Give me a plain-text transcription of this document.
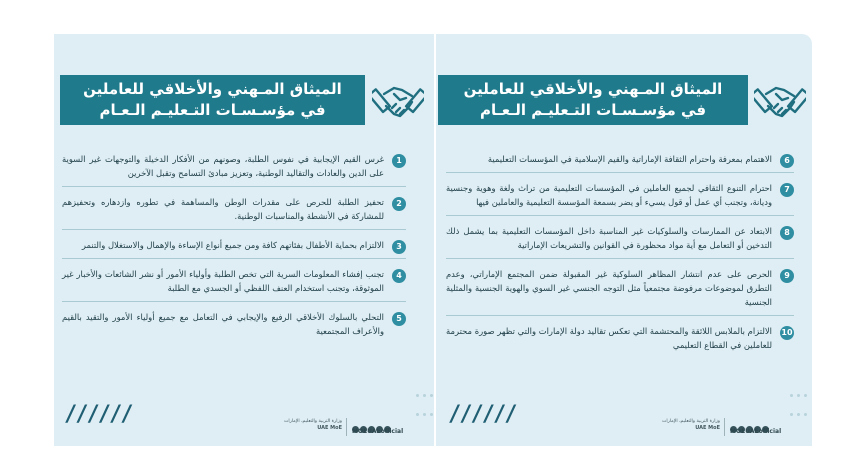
الميثاق المـهني والأخلاقي للعاملين
في مؤسـسـات التـعليـم الـعـام
1
غرس القيم الإيجابية في نفوس الطلبة، وصونهم من الأفكار الدخيلة والتوجهات غير السوية على الدين والعادات والتقاليد الوطنية، وتعزيز مبادئ التسامح وتقبل الآخرين
2
تحفيز الطلبة للحرص على مقدرات الوطن والمساهمة في تطوره وازدهاره وتحفيزهم للمشاركة في الأنشطة والمناسبات الوطنية.
3
الالتزام بحماية الأطفال بفئاتهم كافة ومن جميع أنواع الإساءة والإهمال والاستغلال والتنمر
4
تجنب إفشاء المعلومات السرية التي تخص الطلبة وأولياء الأمور أو نشر الشائعات والأخبار غير الموثوقة، وتجنب استخدام العنف اللفظي أو الجسدي مع الطلبة
5
التحلي بالسلوك الأخلاقي الرفيع والإيجابي في التعامل مع جميع أولياء الأمور والتقيد بالقيم والأعراف المجتمعية
//////	وزارة التربية والتعليم، الإمارات
UAE MoE MOEUAEofficial
الميثاق المـهني والأخلاقي للعاملين
في مؤسـسـات التـعليـم الـعـام
6
الاهتمام بمعرفة واحترام الثقافة الإماراتية والقيم الإسلامية في المؤسسات التعليمية
7
احترام التنوع الثقافي لجميع العاملين في المؤسسات التعليمية من تراث ولغة وهوية وجنسية وديانة، وتجنب أي عمل أو قول يسيء أو يضر بسمعة المؤسسة التعليمية والعاملين فيها
8
الابتعاد عن الممارسات والسلوكيات غير المناسبة داخل المؤسسات التعليمية بما يشمل ذلك التدخين أو التعامل مع أية مواد محظورة في القوانين والتشريعات الإماراتية
9
الحرص على عدم انتشار المظاهر السلوكية غير المقبولة ضمن المجتمع الإماراتي، وعدم التطرق لموضوعات مرفوضة مجتمعياً مثل التوجه الجنسي غير السوي والهوية الجنسية والمثلية الجنسية
10
الالتزام بالملابس اللائقة والمحتشمة التي تعكس تقاليد دولة الإمارات والتي تظهر صورة محترمة للعاملين في القطاع التعليمي
//////	وزارة التربية والتعليم، الإمارات
UAE MoE MOEUAEofficial
